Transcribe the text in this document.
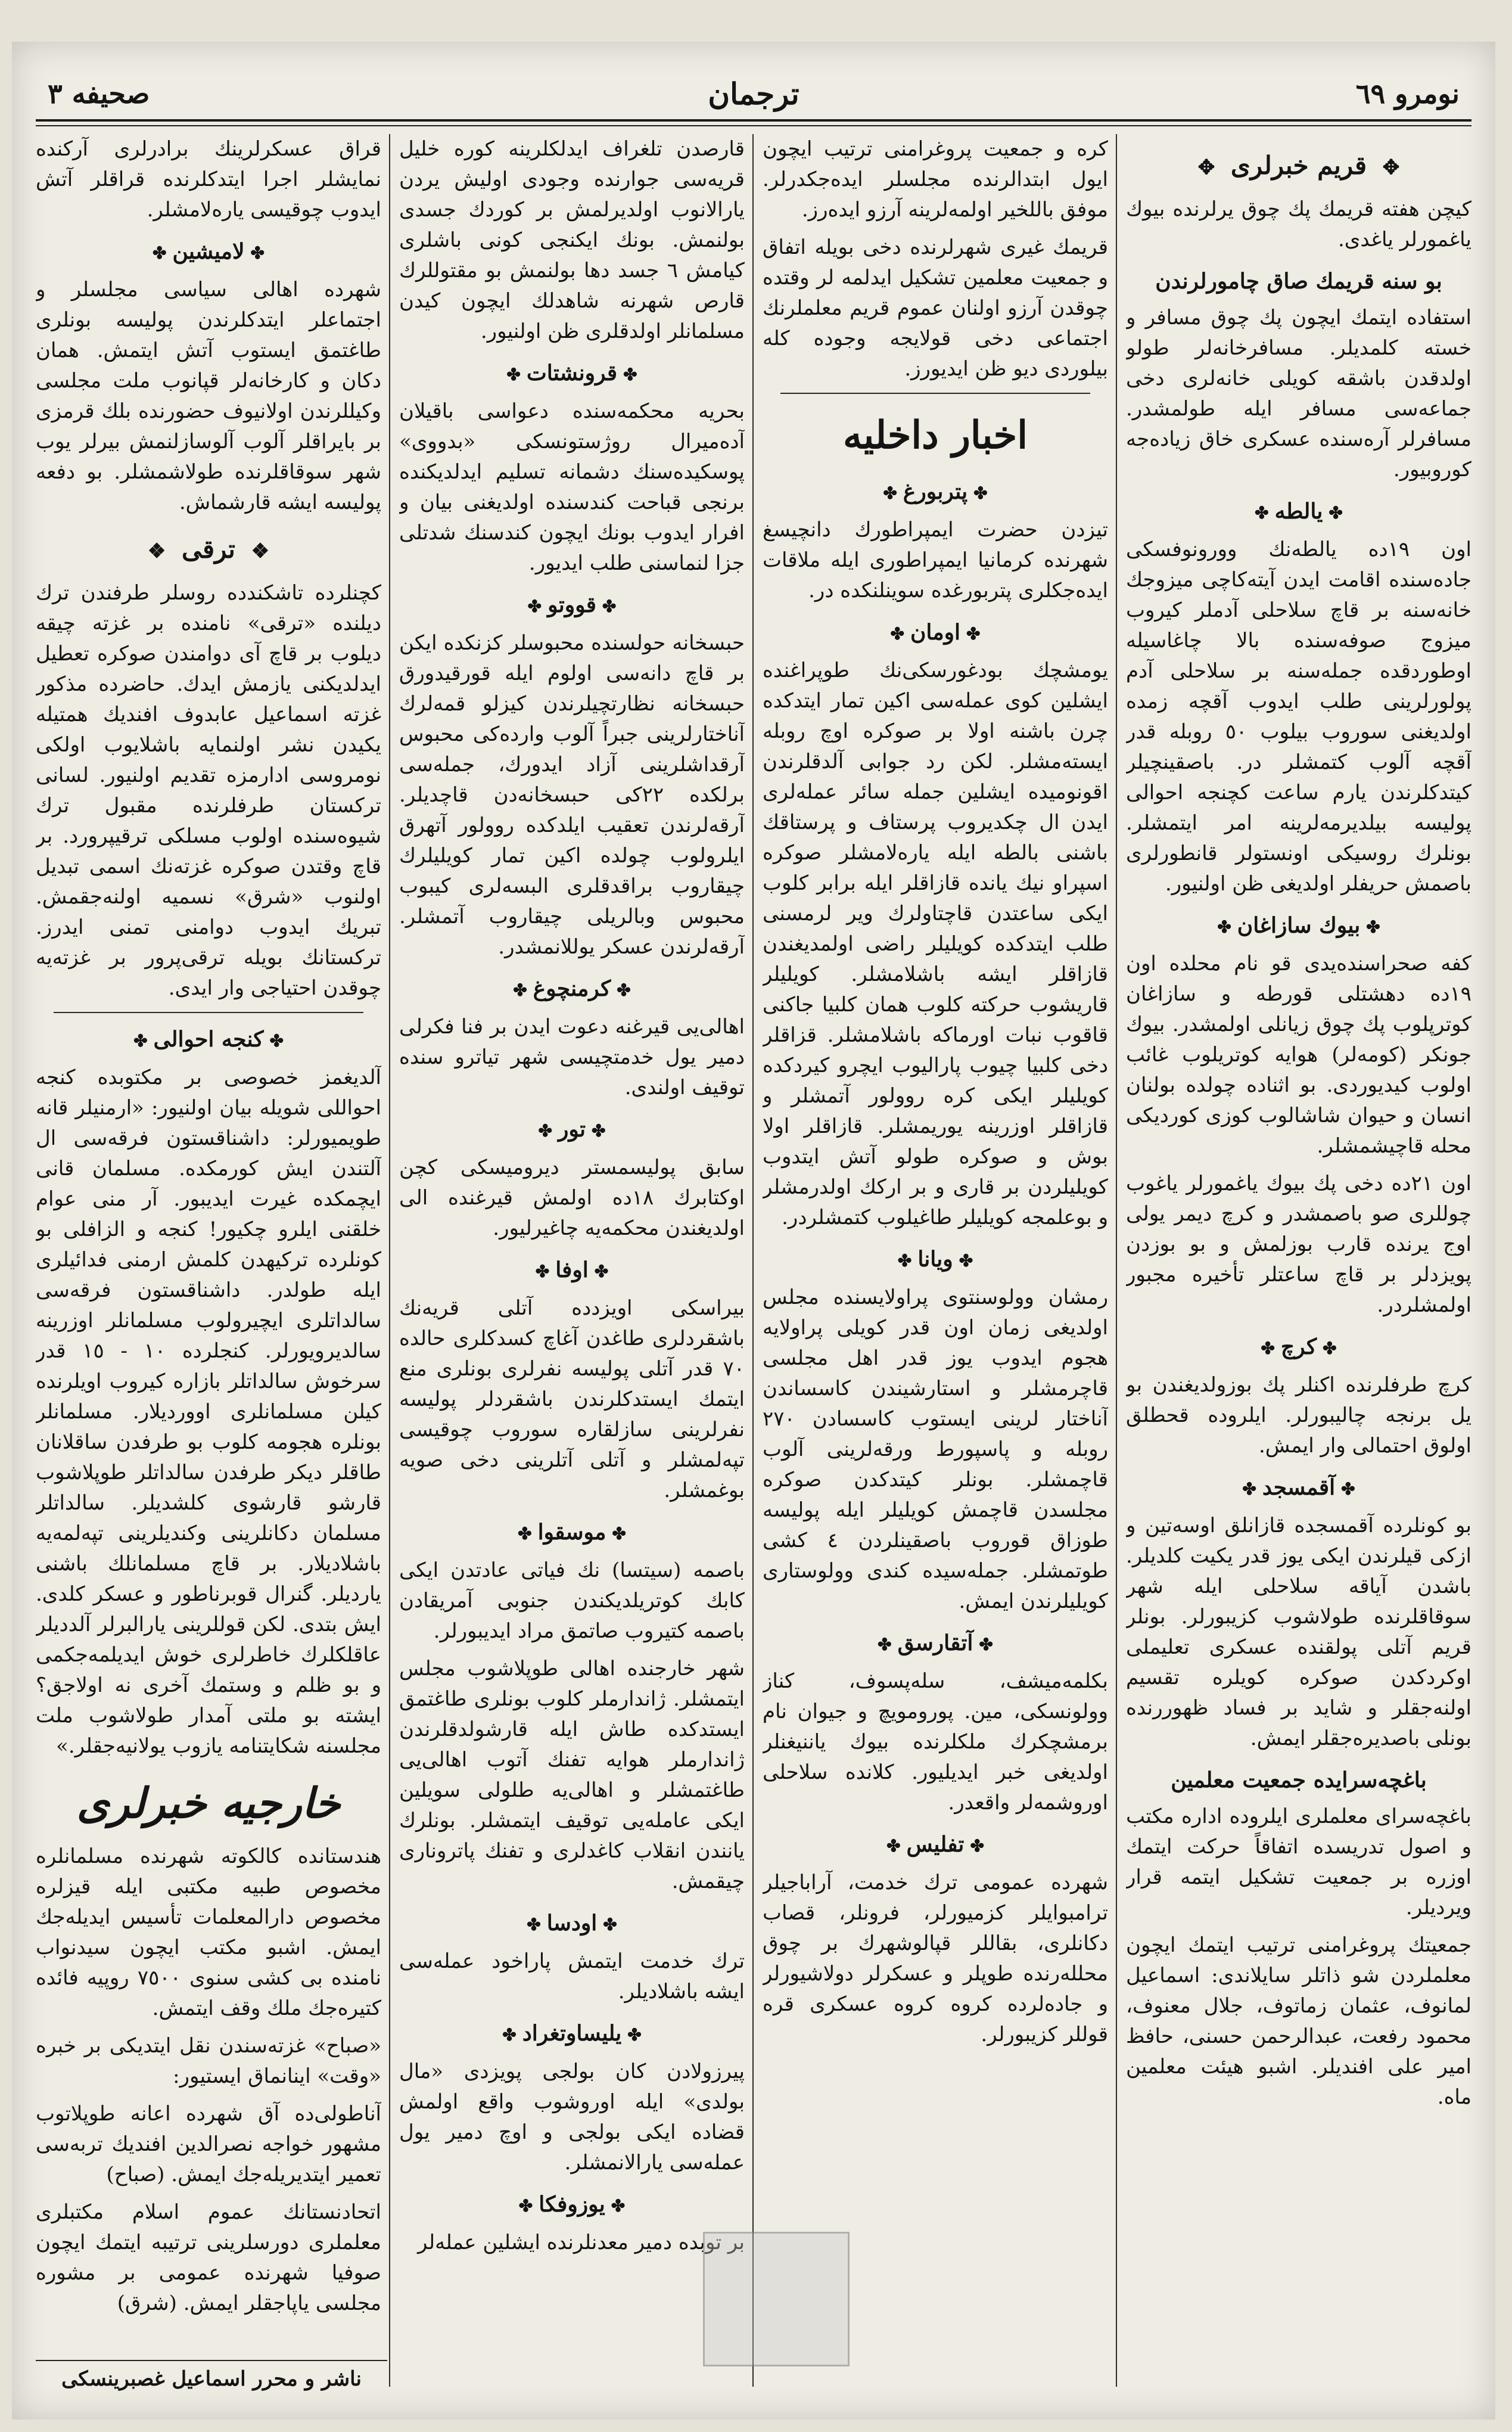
نومرو ٦٩
ترجمان
صحيفه ٣
✥ قريم خبرلرى ✥

كيچن هفته قريمك پك چوق يرلرنده بيوك ياغمورلر ياغدى.

بو سنه قريمك صاق چامورلرندن

استفاده ايتمك ايچون پك چوق مسافر و خسته كلمديلر. مسافرخانه‌لر طولو اولدقدن باشقه كويلى خانه‌لرى دخى جماعه‌سى مسافر ايله طولمشدر. مسافرلر آره‌سنده عسكرى خاق زياده‌جه كوروبيور.

✤يالطه✤

اون ١٩ده يالطه‌نك وورونوفسكى جاده‌سنده اقامت ايدن آيته‌كاچى ميزوجك خانه‌سنه بر قاچ سلاحلى آدملر كيروب ميزوج صوفه‌سنده بالا چاغاسيله اوطوردقده جمله‌سنه بر سلاحلى آدم پولورلرينى طلب ايدوب آقچه زمده اولديغنى سوروب بيلوب ٥٠ روبله قدر آقچه آلوب كتمشلر در. باصقينچيلر كيتدكلرندن يارم ساعت كچنجه احوالى پوليسه بيلديرمه‌لرينه امر ايتمشلر. بونلرك روسيكى اونستولر قانطورلرى باصمش حريفلر اولديغى ظن اولنيور.

✤بيوك سازاغان✤

كفه صحراسنده‌يدى قو نام محلده اون ١٩ده دهشتلى قورطه و سازاغان كوترپلوب پك چوق زيانلى اولمشدر. بيوك جونكر (كومه‌لر) هوايه كوتريلوب غائب اولوب كيديوردى. بو اثناده چولده بولنان انسان و حيوان شاشالوب كوزى كورديكى محله قاچيشمشلر.

اون ٢١ده دخى پك بيوك ياغمورلر ياغوب چوللرى صو باصمشدر و كرچ ديمر يولى اوج يرنده قارب بوزلمش و بو بوزدن پويزدلر بر قاچ ساعتلر تأخيره مجبور اولمشلردر.

✤كرچ✤

كرچ طرفلرنده اكنلر پك بوزولديغندن بو يل برنجه چاليبورلر. ايلروده قحطلق اولوق احتمالى وار ايمش.

✤آقمسجد✤

بو كونلرده آقمسجده قازانلق اوسه‌تين و ازكى قيلرندن ايكى يوز قدر يكيت كلديلر. باشدن آياقه سلاحلى ايله شهر سوقاقلرنده طولاشوب كزيبورلر. بونلر قريم آتلى پولقنده عسكرى تعليملى اوكردكدن صوكره كويلره تقسيم اولنه‌جقلر و شايد بر فساد ظهوررنده بونلى باصديره‌جقلر ايمش.

باغچه‌سرايده جمعيت معلمين

باغچه‌سراى معلملرى ايلروده اداره مكتب و اصول تدريسده اتفاقاً حركت ايتمك اوزره بر جمعيت تشكيل ايتمه قرار ويرديلر.

جمعيتك پروغرامنى ترتيب ايتمك ايچون معلملردن شو ذاتلر سايلاندى: اسماعيل لمانوف، عثمان زماتوف، جلال معنوف، محمود رفعت، عبدالرحمن حسنى، حافظ امير على افنديلر. اشبو هيئت معلمين ماه.

كره و جمعيت پروغرامنى ترتيب ايچون ايول ابتدالرنده مجلسلر ايده‌جكدرلر. موفق باللخير اولمه‌لرينه آرزو ايده‌رز.

قريمك غيرى شهرلرنده دخى بويله اتفاق و جمعيت معلمين تشكيل ايدلمه لر وقتده چوقدن آرزو اولنان عموم قريم معلملرنك اجتماعى دخى قولايجه وجوده كله بيلوردى ديو ظن ايديورز.

اخبار داخليه
✤پتربورغ✤

تيزدن حضرت ايمپراطورك دانچيسغ شهرنده كرمانيا ايمپراطورى ايله ملاقات ايده‌جكلرى پتربورغده سوينلنكده در.

✤اومان✤

يومشچك بودغورسكى‌نك طوپراغنده ايشلين كوى عمله‌سى اكين تمار ايتدكده چرن باشنه اولا بر صوكره اوچ روبله ايسته‌مشلر. لكن رد جوابى آلدقلرندن اقونوميده ايشلين جمله سائر عمله‌لرى ايدن ال چكديروب پرستاف و پرستاقك باشنى بالطه ايله ياره‌لامشلر صوكره اسپراو نيك يانده قازاقلر ايله برابر كلوب ايكى ساعتدن قاچتاولرك وير لرمسنى طلب ايتدكده كويليلر راضى اولمديغندن قازاقلر ايشه باشلامشلر. كويليلر قاريشوب حركته كلوب همان كلبيا جاكنى قاقوب نبات اورماكه باشلامشلر. قزاقلر دخى كلبيا چيوب پاراليوب ايچرو كيردكده كويليلر ايكى كره روولور آتمشلر و قازاقلر اوزرينه يوريمشلر. قازاقلر اولا بوش و صوكره طولو آتش ايتدوب كويليلردن بر قارى و بر اركك اولدرمشلر و بوعلمجه كويليلر طاغيلوب كتمشلردر.

✤ويانا✤

رمشان وولوسنتوى پراولايسنده مجلس اولديغى زمان اون قدر كويلى پراولايه هجوم ايدوب يوز قدر اهل مجلسى قاچرمشلر و استارشيندن كاسساندن آناختار لرينى ايستوب كاسسادن ٢٧٠ روبله و پاسپورط ورقه‌لرينى آلوب قاچمشلر. بونلر كيتدكدن صوكره مجلسدن قاچمش كويليلر ايله پوليسه طوزاق قوروب باصقينلردن ٤ كشى طوتمشلر. جمله‌سيده كندى وولوستارى كويليلرندن ايمش.

✤آتقارسق✤

بكلمه‌ميشف، سله‌پسوف، كناز وولونسكى، مين. پورومويچ و جيوان نام برمشچكرك ملكلرنده بيوك ياننيغنلر اولديغى خبر ايديليور. كلانده سلاحلى اوروشمه‌لر واقعدر.

✤تفليس✤

شهرده عمومى ترك خدمت، آراباجيلر ترامبوايلر كزميورلر، فرونلر، قصاب دكانلرى، بقاللر قپالوشهرك بر چوق محلله‌رنده طوپلر و عسكرلر دولاشيورلر و جاده‌لرده كروه كروه عسكرى قره قوللر كزيبورلر.

قارصدن تلغراف ايدلكلرينه كوره خليل قريه‌سى جوارنده وجودى اوليش يردن يارالانوب اولديرلمش بر كوردك جسدى بولنمش. بونك ايكنجى كونى باشلرى كيامش ٦ جسد دها بولنمش بو مقتوللرك قارص شهرنه شاهدلك ايچون كيدن مسلمانلر اولدقلرى ظن اولنيور.

✤قرونشتات✤

بحريه محكمه‌سنده دعواسى باقيلان آده‌ميرال روژستونسكى «بدووى» پوسكيده‌سنك دشمانه تسليم ايدلديكنده برنجى قباحت كندسنده اولديغنى بيان و افرار ايدوب بونك ايچون كندسنك شدتلى جزا لنماسنى طلب ايديور.

✤قووتو✤

حبسخانه حولسنده محبوسلر كزنكده ايكن بر قاچ دانه‌سى اولوم ايله قورقيدورق حبسخانه نظارتچيلرندن كيزلو قمه‌لرك آناختارلرينى جبراً آلوب وارده‌كى محبوس آرقداشلرينى آزاد ايدورك، جمله‌سى برلكده ٢٢كى حبسخانه‌دن قاچديلر. آرقه‌لرندن تعقيب ايلدكده روولور آتهرق ايلرولوب چولده اكين تمار كويليلرك چيقاروب براقدقلرى البسه‌لرى كيبوب محبوس وبالريلى چيقاروب آتمشلر. آرقه‌لرندن عسكر يوللانمشدر.

✤كرمنچوغ✤

اهالى‌يى قيرغنه دعوت ايدن بر فنا فكرلى دمير يول خدمتچيسى شهر تياترو سنده توقيف اولندى.

✤تور✤

سابق پوليسمستر ديروميسكى كچن اوكتابرك ١٨ده اولمش قيرغنده الى اولديغندن محكمه‌يه چاغيرليور.

✤اوفا✤

بيراسكى اويزدده آتلى قريه‌نك باشقردلرى طاغدن آغاچ كسدكلرى حالده ٧٠ قدر آتلى پوليسه نفرلرى بونلرى منع ايتمك ايستدكلرندن باشقردلر پوليسه نفرلرينى سازلقاره سوروب چوقيسى تپه‌لمشلر و آتلى آتلرينى دخى صويه بوغمشلر.

✤موسقوا✤

باصمه (سيتسا) نك فياتى عادتدن ايكى كابك كوتريلديكندن جنوبى آمريقادن باصمه كتيروب صاتمق مراد ايديبورلر.

شهر خارجنده اهالى طوپلاشوب مجلس ايتمشلر. ژاندارملر كلوب بونلرى طاغتمق ايستدكده طاش ايله قارشولدقلرندن ژاندارملر هوايه تفنك آتوب اهالى‌يى طاغتمشلر و اهالى‌يه طلولى سويلين ايكى عامله‌يى توقيف ايتمشلر. بونلرك يانندن انقلاب كاغدلرى و تفنك پاترونارى چيقمش.

✤اودسا✤

ترك خدمت ايتمش پاراخود عمله‌سى ايشه باشلاديلر.

✤يليساوتغراد✤

پيرزولادن كان بولجى پويزدى «مال بولدى» ايله اوروشوب واقع اولمش قضاده ايكى بولجى و اوچ دمير يول عمله‌سى يارالانمشلر.

✤يوزوفكا✤

بر توبده دمير معدنلرنده ايشلين عمله‌لر

قراق عسكرلرينك برادرلرى آركنده نمايشلر اجرا ايتدكلرنده قراقلر آتش ايدوب چوقيسى ياره‌لامشلر.

✤لاميشين✤

شهرده اهالى سياسى مجلسلر و اجتماعلر ايتدكلرندن پوليسه بونلرى طاغتمق ايستوب آتش ايتمش. همان دكان و كارخانه‌لر قپانوب ملت مجلسى وكيللرندن اولانيوف حضورنده بلك قرمزى بر بايراقلر آلوب آلوسازلنمش بيرلر يوب شهر سوقاقلرنده طولاشمشلر. بو دفعه پوليسه ايشه قارشماش.

❖ ترقى ❖

كچنلرده تاشكندده روسلر طرفندن ترك ديلنده «ترقى» نامنده بر غزته چيقه ديلوب بر قاچ آى دوامندن صوكره تعطيل ايدلديكنى يازمش ايدك. حاضرده مذكور غزته اسماعيل عابدوف افنديك همتيله يكيدن نشر اولنمايه باشلايوب اولكى نومروسى ادارمزه تقديم اولنيور. لسانى تركستان طرفلرنده مقبول ترك شيوه‌سنده اولوب مسلكى ترقيپرورد. بر قاچ وقتدن صوكره غزته‌نك اسمى تبديل اولنوب «شرق» نسميه اولنه‌جقمش. تبريك ايدوب دوامنى تمنى ايدرز. تركستانك بويله ترقى‌پرور بر غزته‌يه چوقدن احتياجى وار ايدى.

✤كنجه احوالى✤

آلديغمز خصوصى بر مكتوبده كنجه احواللى شويله بيان اولنيور: «ارمنيلر قانه طويميورلر: داشناقستون فرقه‌سى ال آلتندن ايش كورمكده. مسلمان قانى ايچمكده غيرت ايديبور. آر منى عوام خلقنى ايلرو چكيور! كنجه و الزافلى بو كونلرده تركيهدن كلمش ارمنى فدائيلرى ايله طولدر. داشناقستون فرقه‌سى سالداتلرى ايچيرولوب مسلمانلر اوزرينه سالديرويورلر. كنجلرده ١٠ - ١٥ قدر سرخوش سالداتلر بازاره كيروب اويلرنده كيلن مسلمانلرى اوورديلار. مسلمانلر بونلره هجومه كلوب بو طرفدن ساقلانان طاقلر ديكر طرفدن سالداتلر طوپلاشوب قارشو قارشوى كلشديلر. سالداتلر مسلمان دكانلرينى وكنديلرينى تپه‌لمه‌يه باشلاديلار. بر قاچ مسلمانلك باشنى يارديلر. گنرال قوبرناطور و عسكر كلدى. ايش بتدى. لكن قوللرينى يارالبرلر آلدديلر عاقلكلرك خاطرلرى خوش ايديلمه‌جكمى و بو ظلم و وستمك آخرى نه اولاجق؟ ايشته بو ملتى آمدار طولاشوب ملت مجلسنه شكايتنامه يازوب يولانيه‌جقلر.»

خارجيه خبرلرى

هندستانده كالكوته شهرنده مسلمانلره مخصوص طبيه مكتبى ايله قيزلره مخصوص دارالمعلمات تأسيس ايديله‌جك ايمش. اشبو مكتب ايچون سيدنواب نامنده بى كشى سنوى ٧٥٠٠ روپيه فائده كتيره‌جك ملك وقف ايتمش.

«صباح» غزته‌سندن نقل ايتديكى بر خبره «وقت» اينانماق ايستيور:

آناطولى‌ده آق شهرده اعانه طوپلاتوب مشهور خواجه نصرالدين افنديك تربه‌سى تعمير ايتديريله‌جك ايمش. (صباح)

اتحادنستانك عموم اسلام مكتبلرى معلملرى دورسلرينى ترتيبه ايتمك ايچون صوفيا شهرنده عمومى بر مشوره مجلسى ياپاجقلر ايمش. (شرق)

ناشر و محرر اسماعيل غصبرينسكى
